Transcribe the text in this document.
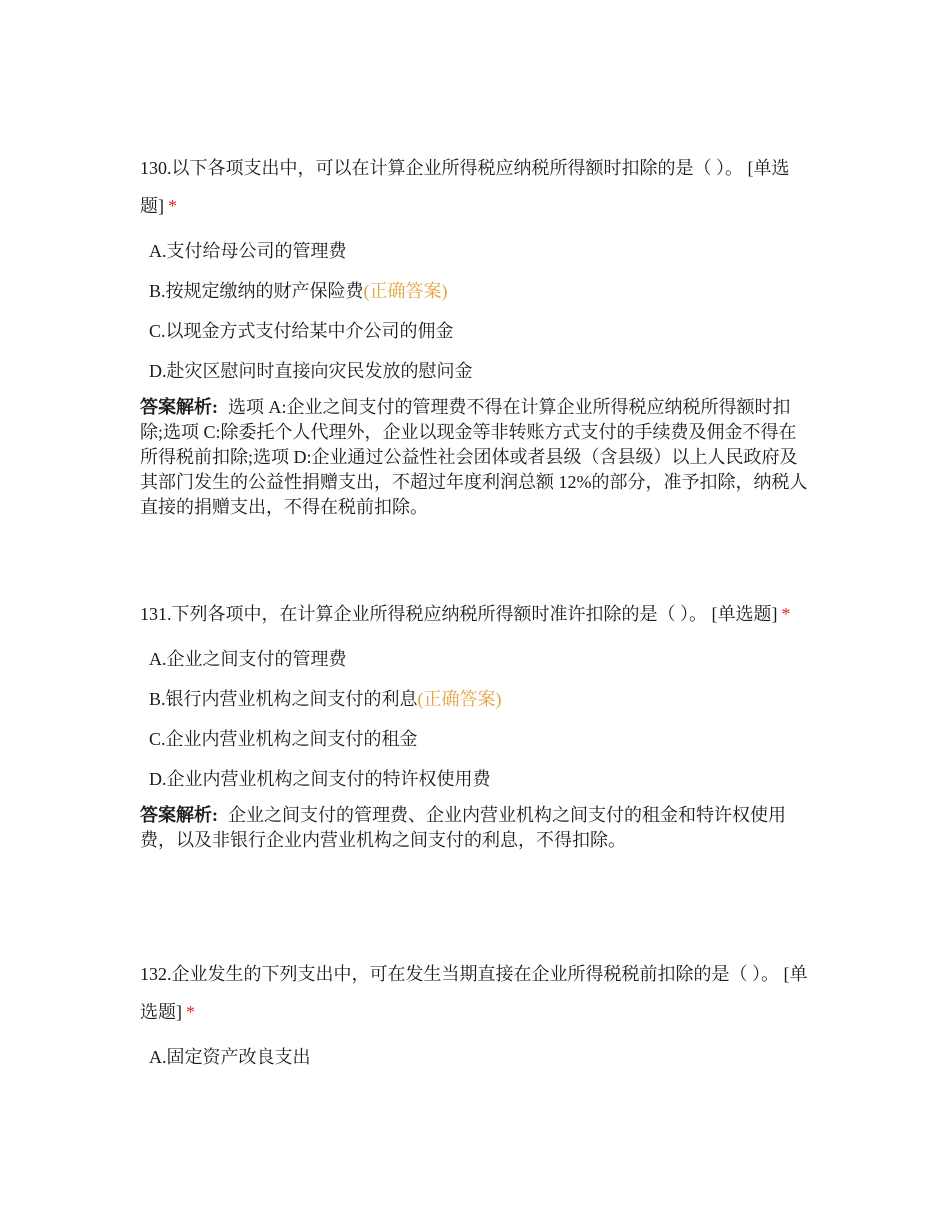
130.以下各项支出中，可以在计算企业所得税应纳税所得额时扣除的是（ ）。 [单选题] *

A.支付给母公司的管理费
B.按规定缴纳的财产保险费(正确答案)
C.以现金方式支付给某中介公司的佣金
D.赴灾区慰问时直接向灾民发放的慰问金
答案解析: 选项 A:企业之间支付的管理费不得在计算企业所得税应纳税所得额时扣除;选项 C:除委托个人代理外，企业以现金等非转账方式支付的手续费及佣金不得在所得税前扣除;选项 D:企业通过公益性社会团体或者县级（含县级）以上人民政府及其部门发生的公益性捐赠支出，不超过年度利润总额 12%的部分，准予扣除，纳税人直接的捐赠支出，不得在税前扣除。

131.下列各项中，在计算企业所得税应纳税所得额时准许扣除的是（ ）。 [单选题] *

A.企业之间支付的管理费
B.银行内营业机构之间支付的利息(正确答案)
C.企业内营业机构之间支付的租金
D.企业内营业机构之间支付的特许权使用费
答案解析: 企业之间支付的管理费、企业内营业机构之间支付的租金和特许权使用费，以及非银行企业内营业机构之间支付的利息，不得扣除。

132.企业发生的下列支出中，可在发生当期直接在企业所得税税前扣除的是（ ）。 [单选题] *

A.固定资产改良支出
